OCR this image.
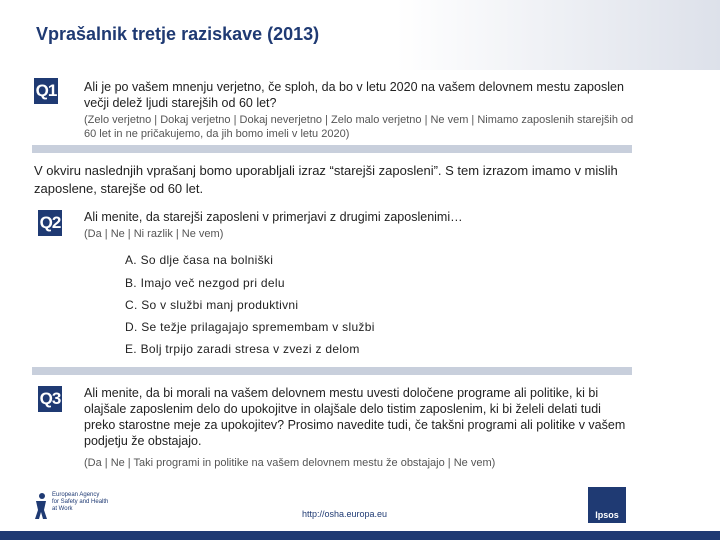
Vprašalnik tretje raziskave (2013)
Q1 Ali je po vašem mnenju verjetno, če sploh, da bo v letu 2020 na vašem delovnem mestu zaposlen večji delež ljudi starejših od 60 let?
(Zelo verjetno | Dokaj verjetno | Dokaj neverjetno | Zelo malo verjetno | Ne vem | Nimamo zaposlenih starejših od 60 let in ne pričakujemo, da jih bomo imeli v letu 2020)
V okviru naslednjih vprašanj bomo uporabljali izraz “starejši zaposleni”. S tem izrazom imamo v mislih zaposlene, starejše od 60 let.
Q2 Ali menite, da starejši zaposleni v primerjavi z drugimi zaposlenimi…
(Da | Ne | Ni razlik | Ne vem)
A. So dlje časa na bolniški
B. Imajo več nezgod pri delu
C. So v službi manj produktivni
D. Se težje prilagajajo spremembam v službi
E. Bolj trpijo zaradi stresa v zvezi z delom
Q3 Ali menite, da bi morali na vašem delovnem mestu uvesti določene programe ali politike, ki bi olajšale zaposlenim delo do upokojitve in olajšale delo tistim zaposlenim, ki bi želeli delati tudi preko starostne meje za upokojitev? Prosimo navedite tudi, če takšni programi ali politike v vašem podjetju že obstajajo.
(Da | Ne | Taki programi in politike na vašem delovnem mestu že obstajajo | Ne vem)
European Agency
for Safety and Health
at Work	http://osha.europa.eu	Ipsos
